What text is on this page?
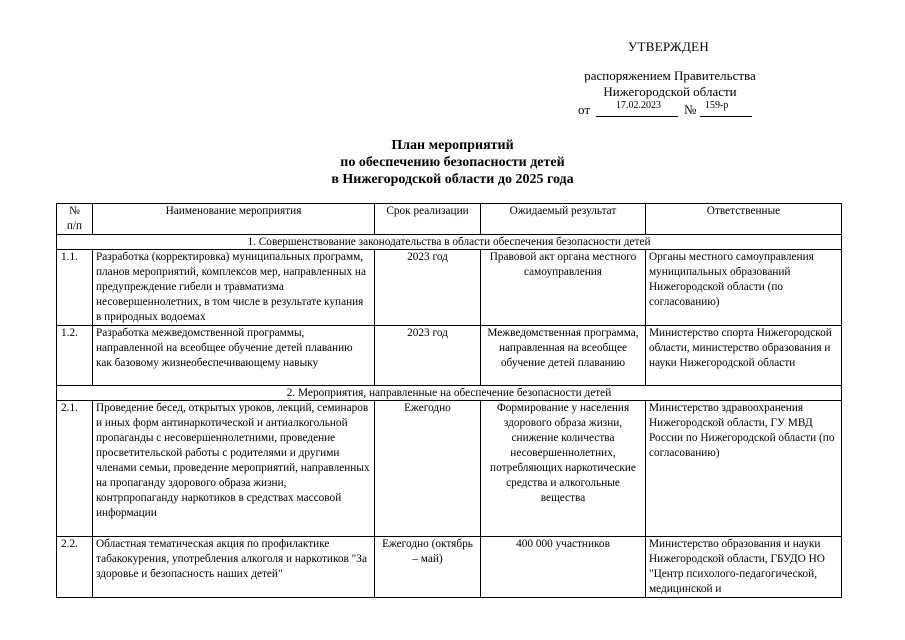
УТВЕРЖДЕН
распоряжением Правительства
Нижегородской области
от	17.02.2023 № 159-р
План мероприятий
по обеспечению безопасности детей
в Нижегородской области до 2025 года
№
п/п	Наименование мероприятия	Срок реализации	Ожидаемый результат	Ответственные
1. Совершенствование законодательства в области обеспечения безопасности детей				
1.1.	Разработка (корректировка) муниципальных программ, планов мероприятий, комплексов мер, направленных на предупреждение гибели и травматизма несовершеннолетних, в том числе в результате купания в природных водоемах	2023 год	Правовой акт органа местного самоуправления	Органы местного самоуправления муниципальных образований Нижегородской области (по согласованию)
1.2.	Разработка межведомственной программы, направленной на всеобщее обучение детей плаванию как базовому жизнеобеспечивающему навыку	2023 год	Межведомственная программа, направленная на всеобщее обучение детей плаванию	Министерство спорта Нижегородской области, министерство образования и науки Нижегородской области
2. Мероприятия, направленные на обеспечение безопасности детей				
2.1.	Проведение бесед, открытых уроков, лекций, семинаров и иных форм антинаркотической и антиалкогольной пропаганды с несовершеннолетними, проведение просветительской работы с родителями и другими членами семьи, проведение мероприятий, направленных на пропаганду здорового образа жизни, контрпропаганду наркотиков в средствах массовой информации	Ежегодно	Формирование у населения здорового образа жизни, снижение количества несовершеннолетних, потребляющих наркотические средства и алкогольные вещества	Министерство здравоохранения Нижегородской области, ГУ МВД России по Нижегородской области (по согласованию)
2.2.	Областная тематическая акция по профилактике табакокурения, употребления алкоголя и наркотиков "За здоровье и безопасность наших детей"	Ежегодно (октябрь – май)	400 000 участников	Министерство образования и науки Нижегородской области, ГБУДО НО "Центр психолого-педагогической, медицинской и
